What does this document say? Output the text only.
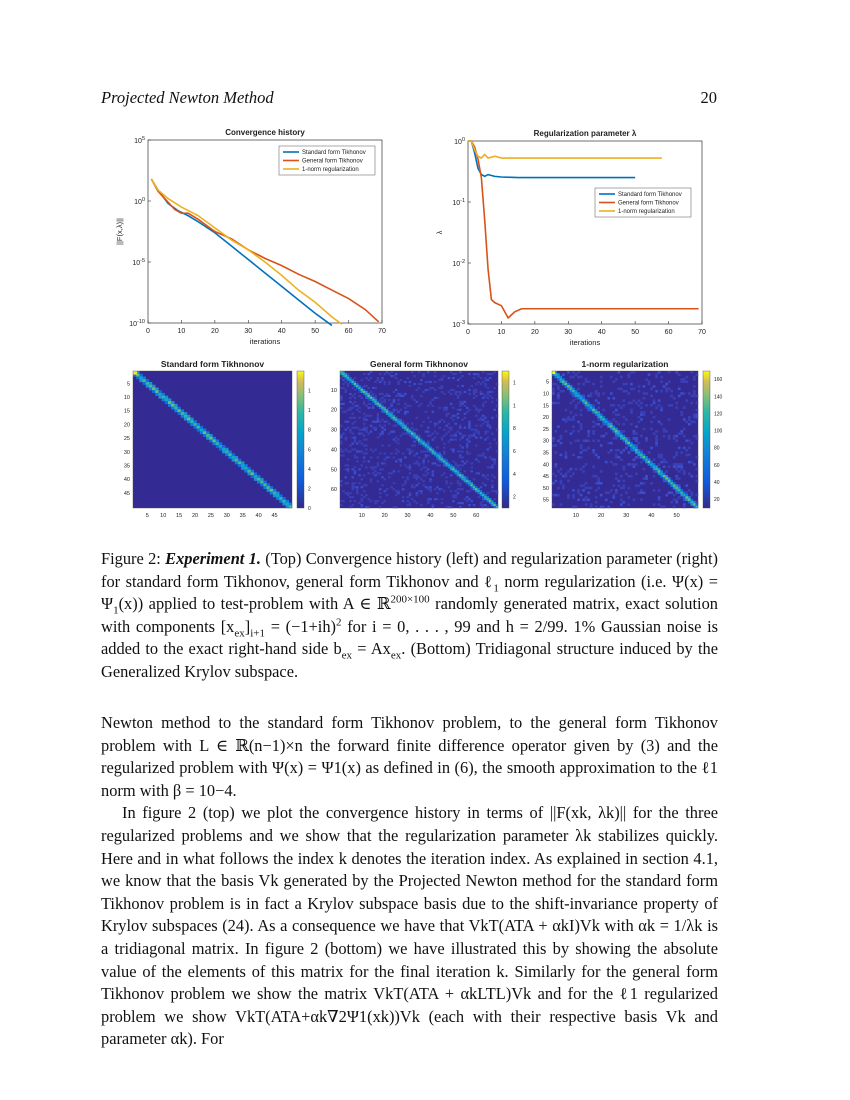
Projected Newton Method	20
Convergence history
iterations
||F(x,λ)||
0	10	20	30	40	50	60	70
$10^5$
$10^0$
$10^{-5}$
$10^{-10}$
Standard form Tikhonov
General form Tikhonov
1-norm regularization
Regularization parameter λ
iterations
λ
0	10	20	30	40	50	60	70
$10^0$
$10^{-1}$
$10^{-2}$
$10^{-3}$
Standard form Tikhonov
General form Tikhonov
1-norm regularization
Standard form Tikhnonov
5 10 15 20 25 30 35 40 45
5
10
15
20
25
30
35
40
45
0
2
4
6
8
1
1
General form Tikhnonov
10	20	30	40	50	60
10
20
30
40
50
60
2
4
6
8
1
1
1-norm regularization
10	20	30	40	50
5
10
15
20
25
30
35
40
45
50
55	20
40
60
80
100
120
140
160
Figure 2: Experiment 1. (Top) Convergence history (left) and regularization parameter (right) for standard form Tikhonov, general form Tikhonov and ℓ$_1$ norm regularization (i.e. $\Psi(x) = \Psi_1(x)$) applied to test-problem with A ∈ ℝ$^{200\times 100}$ randomly generated matrix, exact solution with components $[x_{ex}]_{i+1} = (-1+ih)^2$ for i = 0, . . . , 99 and h = 2/99. 1% Gaussian noise is added to the exact right-hand side $b_{ex} = Ax_{ex}$. (Bottom) Tridiagonal structure induced by the Generalized Krylov subspace.

Newton method to the standard form Tikhonov problem, to the general form Tikhonov problem with L ∈ ℝ(n−1)×n the forward finite difference operator given by (3) and the regularized problem with Ψ(x) = Ψ1(x) as defined in (6), the smooth approximation to the ℓ1 norm with β = 10−4.

In figure 2 (top) we plot the convergence history in terms of ||F(xk, λk)|| for the three regularized problems and we show that the regularization parameter λk stabilizes quickly. Here and in what follows the index k denotes the iteration index. As explained in section 4.1, we know that the basis Vk generated by the Projected Newton method for the standard form Tikhonov problem is in fact a Krylov subspace basis due to the shift-invariance property of Krylov subspaces (24). As a consequence we have that VkT(ATA + αkI)Vk with αk = 1/λk is a tridiagonal matrix. In figure 2 (bottom) we have illustrated this by showing the absolute value of the elements of this matrix for the final iteration k. Similarly for the general form Tikhonov problem we show the matrix VkT(ATA + αkLTL)Vk and for the ℓ1 regularized problem we show VkT(ATA+αk∇2Ψ1(xk))Vk (each with their respective basis Vk and parameter αk). For
